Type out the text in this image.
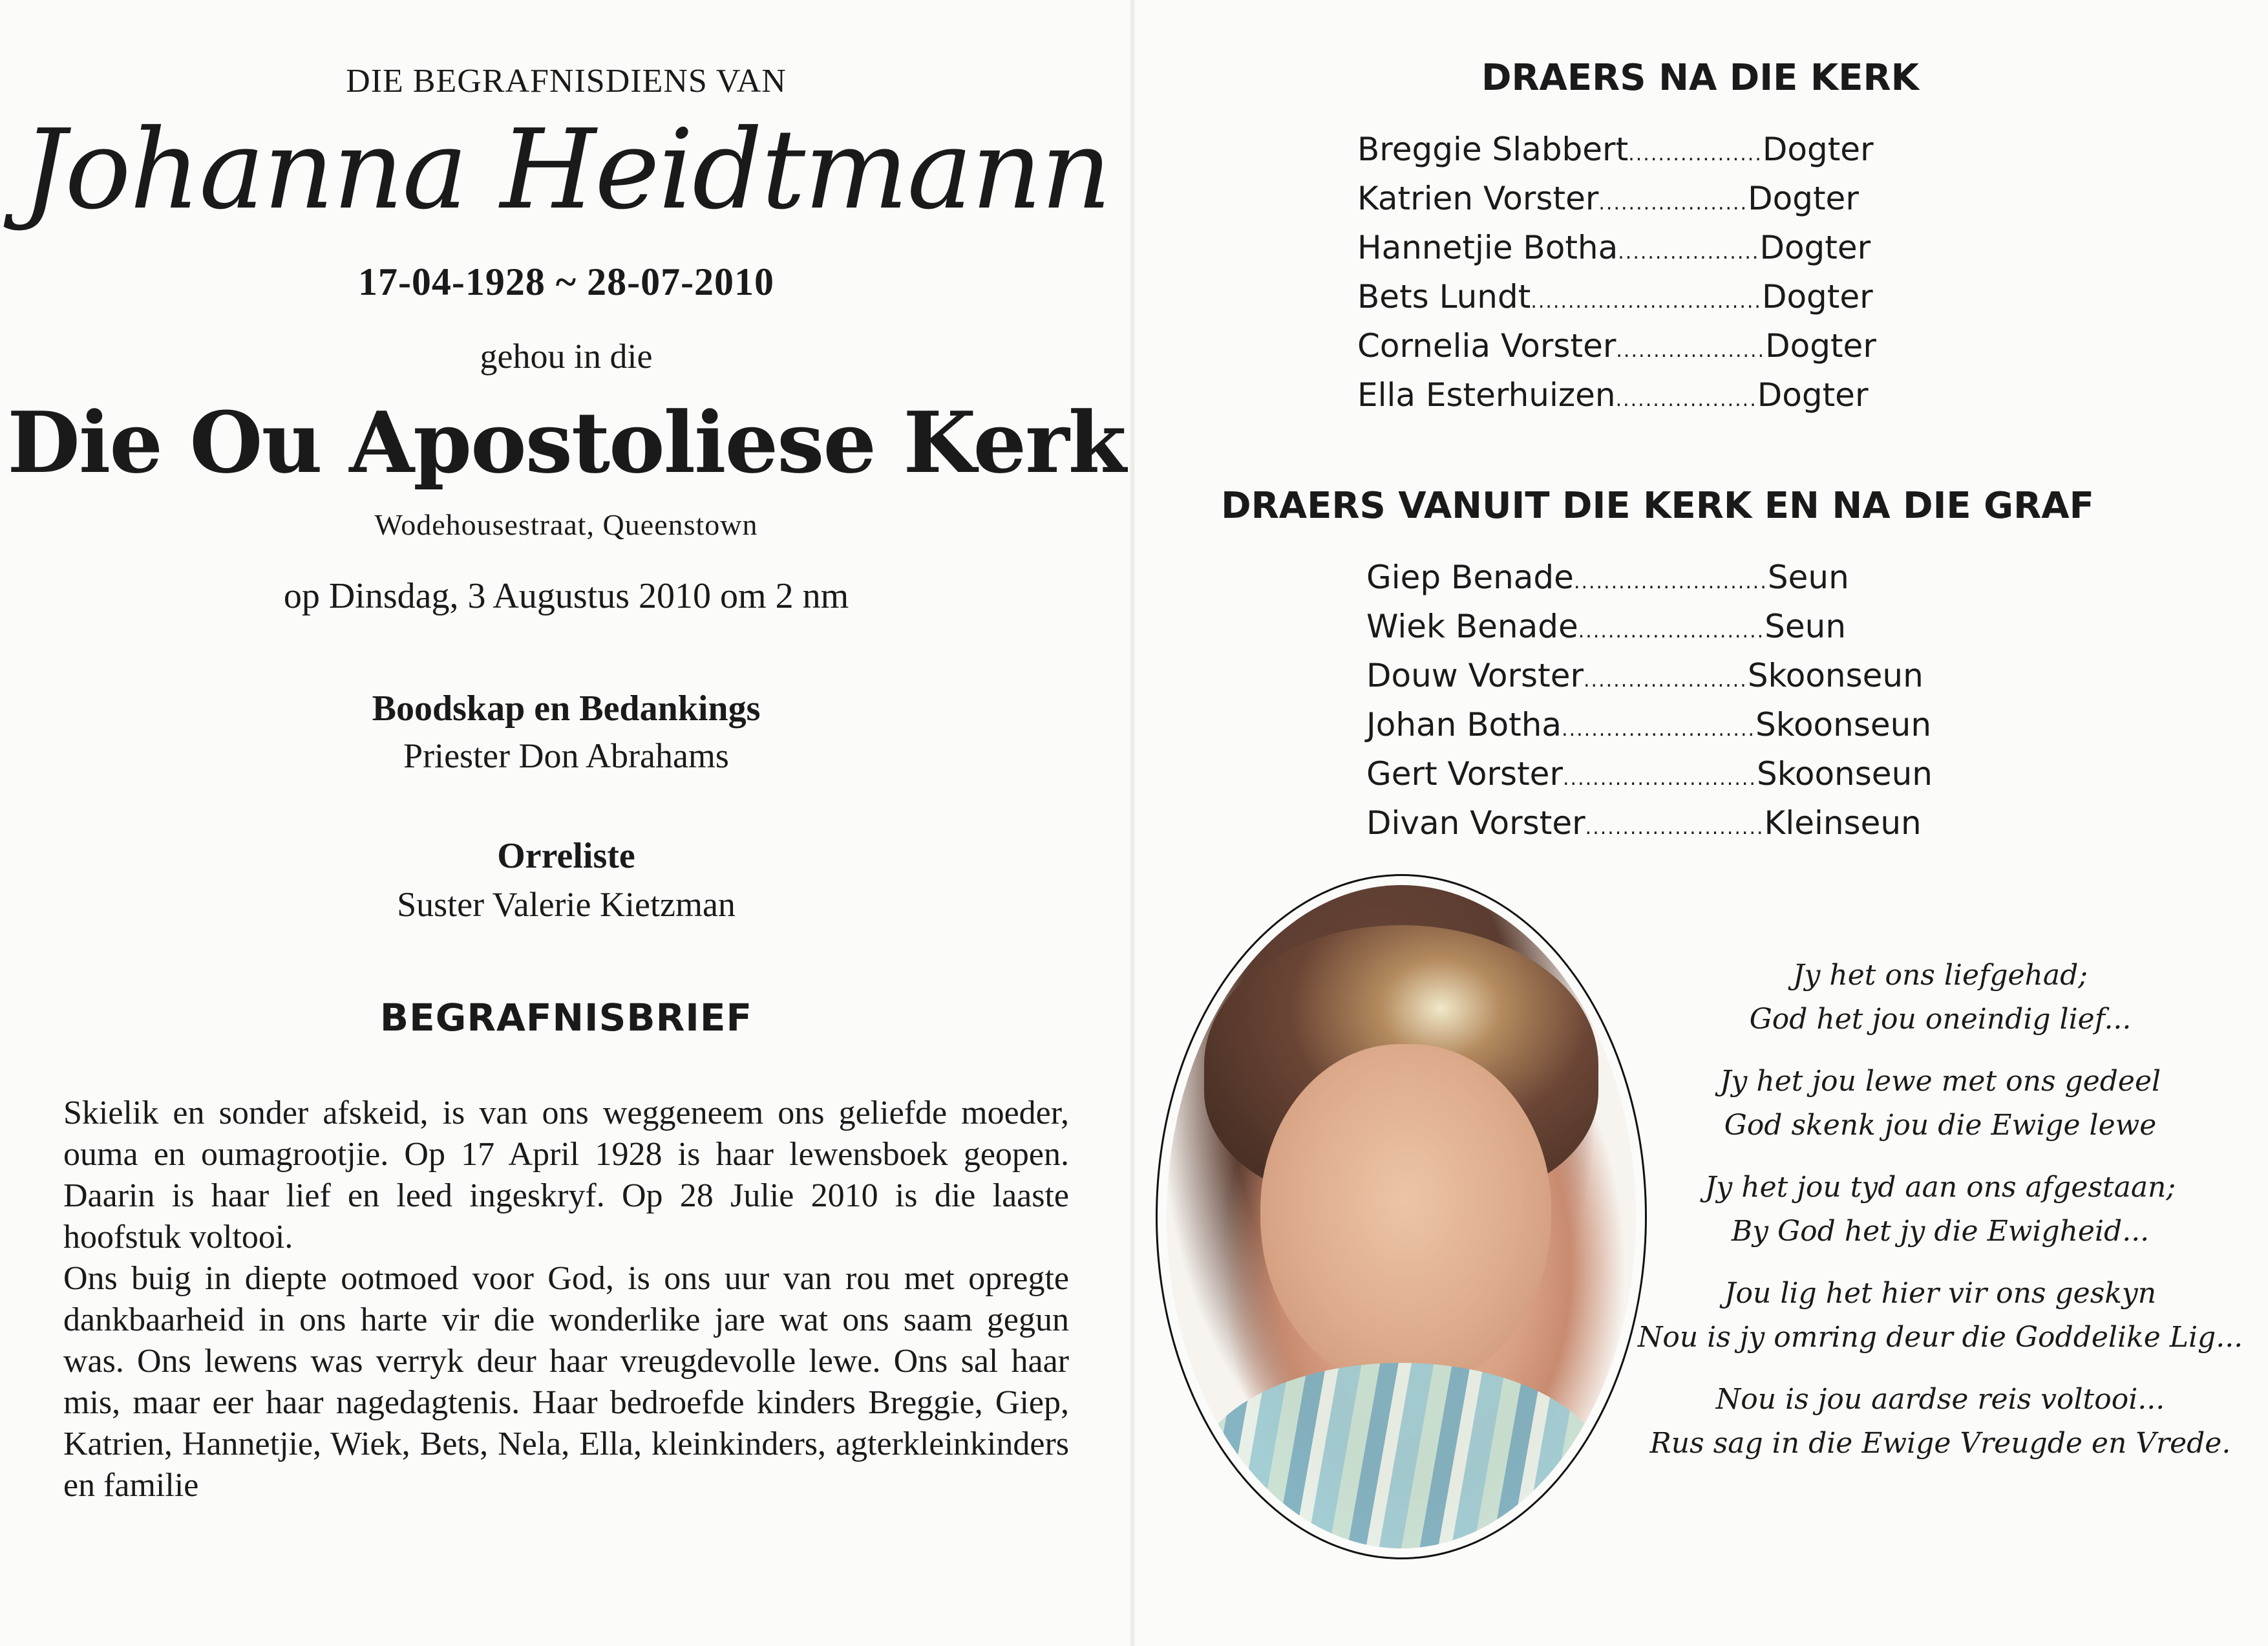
DIE BEGRAFNISDIENS VAN
Johanna Heidtmann
17-04-1928 ~ 28-07-2010
gehou in die
Die Ou Apostoliese Kerk
Wodehousestraat, Queenstown
op Dinsdag, 3 Augustus 2010 om 2 nm
Boodskap en Bedankings
Priester Don Abrahams
Orreliste
Suster Valerie Kietzman
BEGRAFNISBRIEF

Skielik en sonder afskeid, is van ons weggeneem ons geliefde moeder, ouma en oumagrootjie. Op 17 April 1928 is haar lewensboek geopen. Daarin is haar lief en leed ingeskryf. Op 28 Julie 2010 is die laaste hoofstuk voltooi.

Ons buig in diepte ootmoed voor God, is ons uur van rou met opregte dankbaarheid in ons harte vir die wonderlike jare wat ons saam gegun was. Ons lewens was verryk deur haar vreugdevolle lewe. Ons sal haar mis, maar eer haar nagedagtenis. Haar bedroefde kinders Breggie, Giep, Katrien, Hannetjie, Wiek, Bets, Nela, Ella, kleinkinders, agterkleinkinders en familie

DRAERS NA DIE KERK
Breggie Slabbert .................. Dogter
Katrien Vorster .................... Dogter
Hannetjie Botha ................... Dogter
Bets Lundt ............................... Dogter
Cornelia Vorster .................... Dogter
Ella Esterhuizen ................... Dogter
DRAERS VANUIT DIE KERK EN NA DIE GRAF
Giep Benade .......................... Seun
Wiek Benade ......................... Seun
Douw Vorster ...................... Skoonseun
Johan Botha .......................... Skoonseun
Gert Vorster .......................... Skoonseun
Divan Vorster ........................ Kleinseun
Jy het ons liefgehad;
God het jou oneindig lief...
Jy het jou lewe met ons gedeel
God skenk jou die Ewige lewe
Jy het jou tyd aan ons afgestaan;
By God het jy die Ewigheid...
Jou lig het hier vir ons geskyn
Nou is jy omring deur die Goddelike Lig...
Nou is jou aardse reis voltooi...
Rus sag in die Ewige Vreugde en Vrede.
